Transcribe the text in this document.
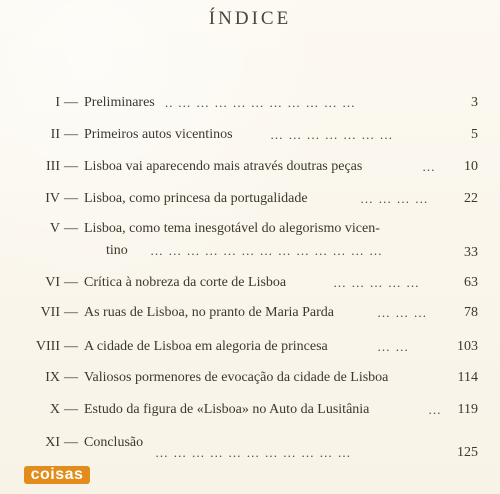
ÍNDICE
I — Preliminares .. … … … … … … … … … …	3
II — Primeiros autos vicentinos	… … … … … … …	5
III — Lisboa vai aparecendo mais através doutras peças	… 10
IV — Lisboa, como princesa da portugalidade	… … … …	22
V — Lisboa, como tema inesgotável do alegorismo vicen-
tino … … … … … … … … … … … … …	33
VI — Crítica à nobreza da corte de Lisboa	… … … … …	63
VII — As ruas de Lisboa, no pranto de Maria Parda	… … …	78
VIII — A cidade de Lisboa em alegoria de princesa	… …	103
IX — Valiosos pormenores de evocação da cidade de Lisboa	114
X — Estudo da figura de «Lisboa» no Auto da Lusitânia	… 119
XI — Conclusão
… … … … … … … … … … …	125
coisas
